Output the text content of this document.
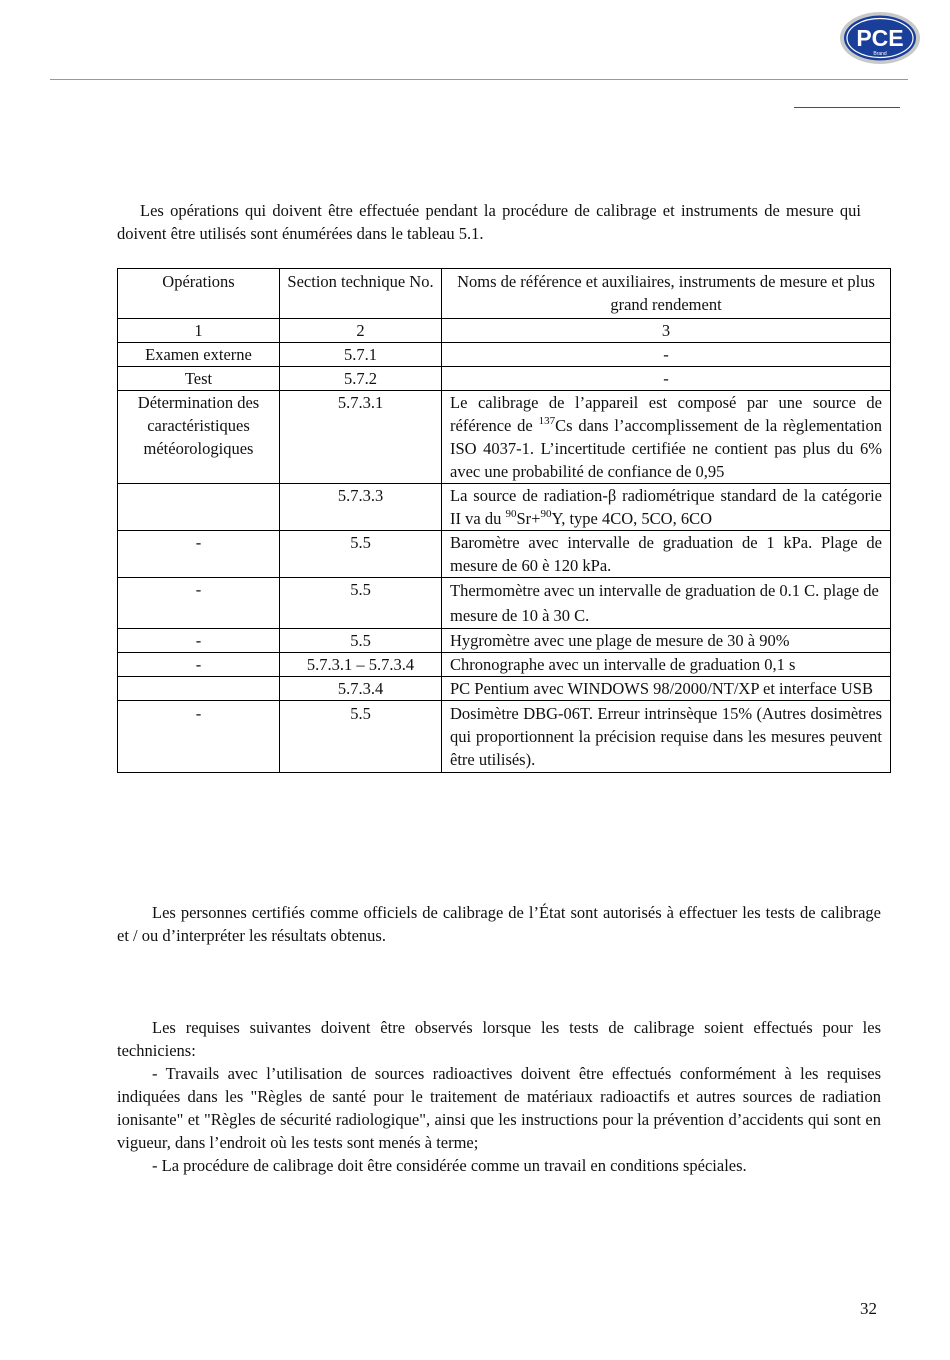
PCE
Brand

Les opérations qui doivent être effectuée pendant la procédure de calibrage et instruments de mesure qui doivent être utilisés sont énumérées dans le tableau 5.1.

Opérations	Section technique No.	Noms de référence et auxiliaires, instruments de mesure et plus grand rendement
1	2	3
Examen externe	5.7.1	-
Test	5.7.2	-
Détermination des caractéristiques météorologiques	5.7.3.1	Le calibrage de l’appareil est composé par une source de référence de $^{137}$Cs dans l’accomplissement de la règlementation ISO 4037-1. L’incertitude certifiée ne contient pas plus du 6% avec une probabilité de confiance de 0,95
	5.7.3.3	La source de radiation-β radiométrique standard de la catégorie II va du $^{90}$Sr+$^{90}$Y, type 4CO, 5CO, 6CO
-	5.5	Baromètre avec intervalle de graduation de 1 kPa. Plage de mesure de 60 è 120 kPa.
-	5.5	Thermomètre avec un intervalle de graduation de 0.1 C. plage de mesure de 10 à 30 C.
-	5.5	Hygromètre avec une plage de mesure de 30 à 90%
-	5.7.3.1 – 5.7.3.4	Chronographe avec un intervalle de graduation 0,1 s
	5.7.3.4	PC Pentium avec WINDOWS 98/2000/NT/XP et interface USB
-	5.5	Dosimètre DBG-06T. Erreur intrinsèque 15% (Autres dosimètres qui proportionnent la précision requise dans les mesures peuvent être utilisés).

Les personnes certifiés comme officiels de calibrage de l’État sont autorisés à effectuer les tests de calibrage et / ou d’interpréter les résultats obtenus.

Les requises suivantes doivent être observés lorsque les tests de calibrage soient effectués pour les techniciens:

- Travails avec l’utilisation de sources radioactives doivent être effectués conformément à les requises indiquées dans les "Règles de santé pour le traitement de matériaux radioactifs et autres sources de radiation ionisante" et "Règles de sécurité radiologique", ainsi que les instructions pour la prévention d’accidents qui sont en vigueur, dans l’endroit où les tests sont menés à terme;

- La procédure de calibrage doit être considérée comme un travail en conditions spéciales.

32
